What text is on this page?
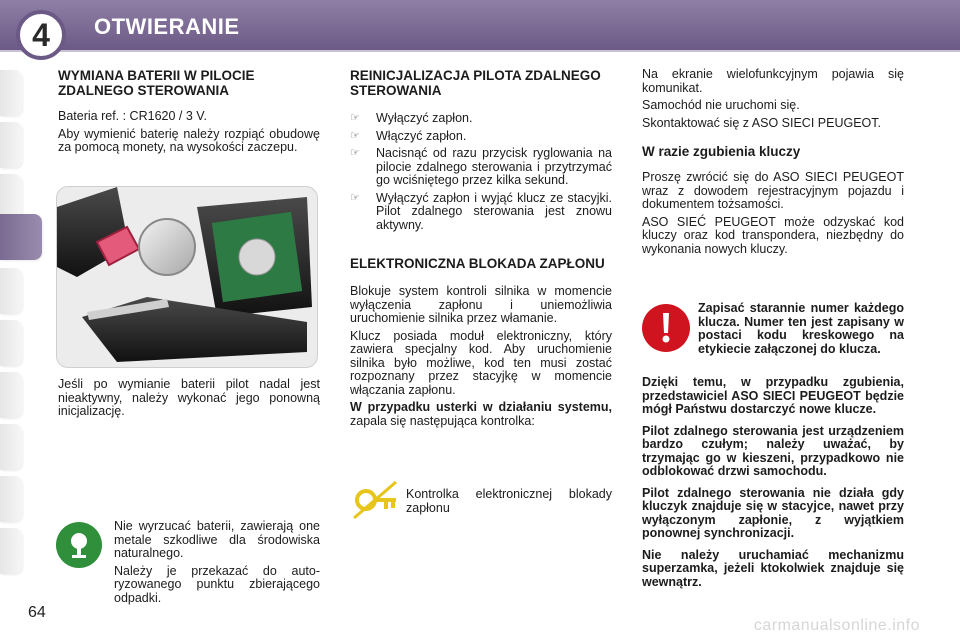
4	OTWIERANIE
64
WYMIANA BATERII W PILOCIE ZDALNEGO STEROWANIA

Bateria ref. : CR1620 / 3 V.

Aby wymienić baterię należy rozpiąć obudowę za pomocą monety, na wysokości zaczepu.

Jeśli po wymianie baterii pilot nadal jest nieaktywny, należy wykonać jego ponowną inicjalizację.

Nie wyrzucać baterii, zawierają one metale szkodliwe dla środowiska naturalnego.

Należy je przekazać do autoryzowanego punktu zbierającego odpadki.

REINICJALIZACJA PILOTA ZDALNEGO STEROWANIA
☞ Wyłączyć zapłon.
☞ Włączyć zapłon.
☞ Nacisnąć od razu przycisk ryglowania na pilocie zdalnego sterowania i przytrzymać go wciśniętego przez kilka sekund.
☞ Wyłączyć zapłon i wyjąć klucz ze stacyjki. Pilot zdalnego sterowania jest znowu aktywny.
ELEKTRONICZNA BLOKADA ZAPŁONU

Blokuje system kontroli silnika w momencie wyłączenia zapłonu i uniemożliwia uruchomienie silnika przez włamanie.

Klucz posiada moduł elektroniczny, który zawiera specjalny kod. Aby uruchomienie silnika było możliwe, kod ten musi zostać rozpoznany przez stacyjkę w momencie włączania zapłonu.

W przypadku usterki w działaniu systemu, zapala się następująca kontrolka:

Kontrolka elektronicznej blokady zapłonu

Na ekranie wielofunkcyjnym pojawia się komunikat.

Samochód nie uruchomi się.

Skontaktować się z ASO SIECI PEUGEOT.

W razie zgubienia kluczy

Proszę zwrócić się do ASO SIECI PEUGEOT wraz z dowodem rejestracyjnym pojazdu i dokumentem tożsamości.

ASO SIEĆ PEUGEOT może odzyskać kod kluczy oraz kod transpondera, niezbędny do wykonania nowych kluczy.

Zapisać starannie numer każdego klucza. Numer ten jest zapisany w postaci kodu kreskowego na etykiecie załączonej do klucza.

Dzięki temu, w przypadku zgubienia, przedstawiciel ASO SIECI PEUGEOT będzie mógł Państwu dostarczyć nowe klucze.

Pilot zdalnego sterowania jest urządzeniem bardzo czułym; należy uważać, by trzymając go w kieszeni, przypadkowo nie odblokować drzwi samochodu.

Pilot zdalnego sterowania nie działa gdy kluczyk znajduje się w stacyjce, nawet przy wyłączonym zapłonie, z wyjątkiem ponownej synchronizacji.

Nie należy uruchamiać mechanizmu superzamka, jeżeli ktokolwiek znajduje się wewnątrz.

carmanualsonline.info
